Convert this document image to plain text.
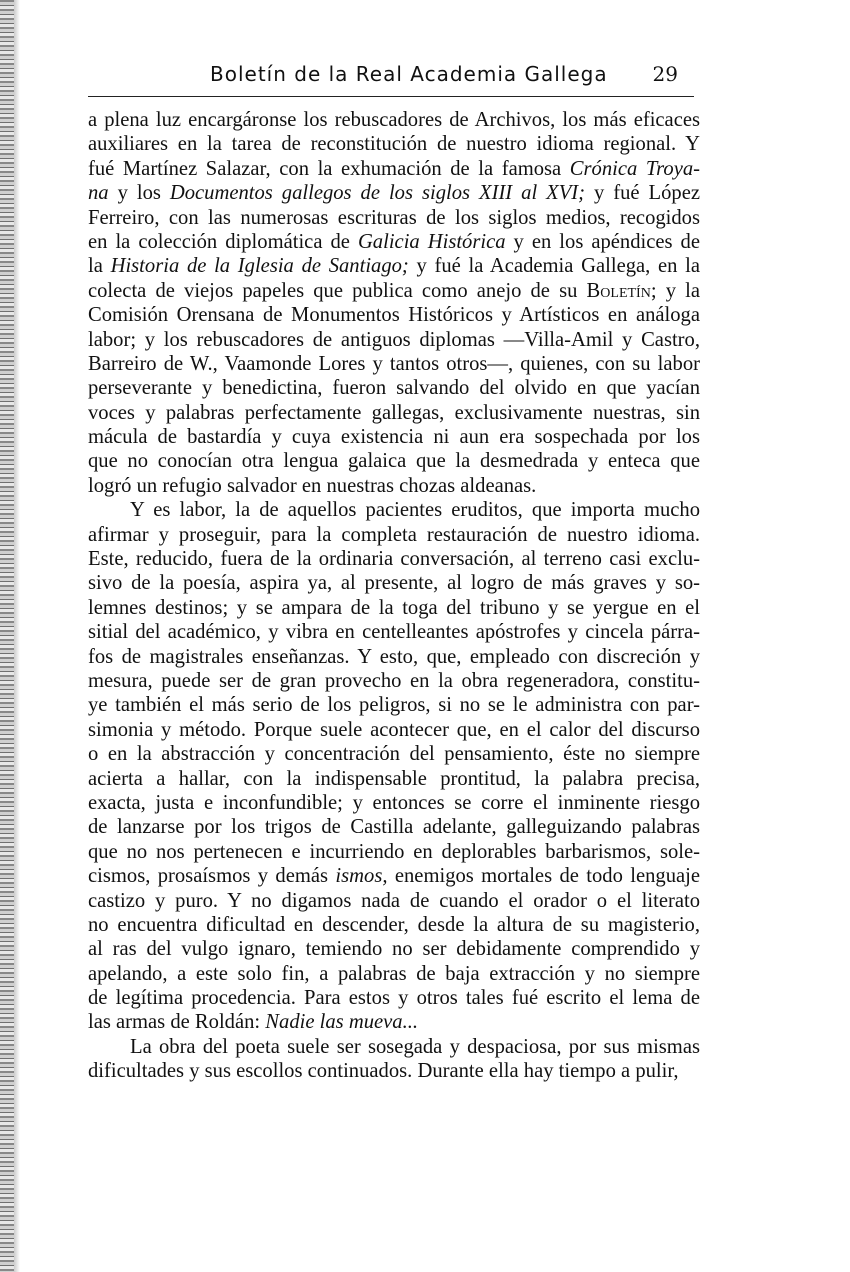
Boletín de la Real Academia Gallega 29
a plena luz encargáronse los rebuscadores de Archivos, los más eficaces
auxiliares en la tarea de reconstitución de nuestro idioma regional. Y
fué Martínez Salazar, con la exhumación de la famosa Crónica Troya-
na y los Documentos gallegos de los siglos XIII al XVI; y fué López
Ferreiro, con las numerosas escrituras de los siglos medios, recogidos
en la colección diplomática de Galicia Histórica y en los apéndices de
la Historia de la Iglesia de Santiago; y fué la Academia Gallega, en la
colecta de viejos papeles que publica como anejo de su Boletín; y la
Comisión Orensana de Monumentos Históricos y Artísticos en análoga
labor; y los rebuscadores de antiguos diplomas —Villa-Amil y Castro,
Barreiro de W., Vaamonde Lores y tantos otros—, quienes, con su labor
perseverante y benedictina, fueron salvando del olvido en que yacían
voces y palabras perfectamente gallegas, exclusivamente nuestras, sin
mácula de bastardía y cuya existencia ni aun era sospechada por los
que no conocían otra lengua galaica que la desmedrada y enteca que
logró un refugio salvador en nuestras chozas aldeanas.
Y es labor, la de aquellos pacientes eruditos, que importa mucho
afirmar y proseguir, para la completa restauración de nuestro idioma.
Este, reducido, fuera de la ordinaria conversación, al terreno casi exclu-
sivo de la poesía, aspira ya, al presente, al logro de más graves y so-
lemnes destinos; y se ampara de la toga del tribuno y se yergue en el
sitial del académico, y vibra en centelleantes apóstrofes y cincela párra-
fos de magistrales enseñanzas. Y esto, que, empleado con discreción y
mesura, puede ser de gran provecho en la obra regeneradora, constitu-
ye también el más serio de los peligros, si no se le administra con par-
simonia y método. Porque suele acontecer que, en el calor del discurso
o en la abstracción y concentración del pensamiento, éste no siempre
acierta a hallar, con la indispensable prontitud, la palabra precisa,
exacta, justa e inconfundible; y entonces se corre el inminente riesgo
de lanzarse por los trigos de Castilla adelante, galleguizando palabras
que no nos pertenecen e incurriendo en deplorables barbarismos, sole-
cismos, prosaísmos y demás ismos, enemigos mortales de todo lenguaje
castizo y puro. Y no digamos nada de cuando el orador o el literato
no encuentra dificultad en descender, desde la altura de su magisterio,
al ras del vulgo ignaro, temiendo no ser debidamente comprendido y
apelando, a este solo fin, a palabras de baja extracción y no siempre
de legítima procedencia. Para estos y otros tales fué escrito el lema de
las armas de Roldán: Nadie las mueva...
La obra del poeta suele ser sosegada y despaciosa, por sus mismas
dificultades y sus escollos continuados. Durante ella hay tiempo a pulir,
